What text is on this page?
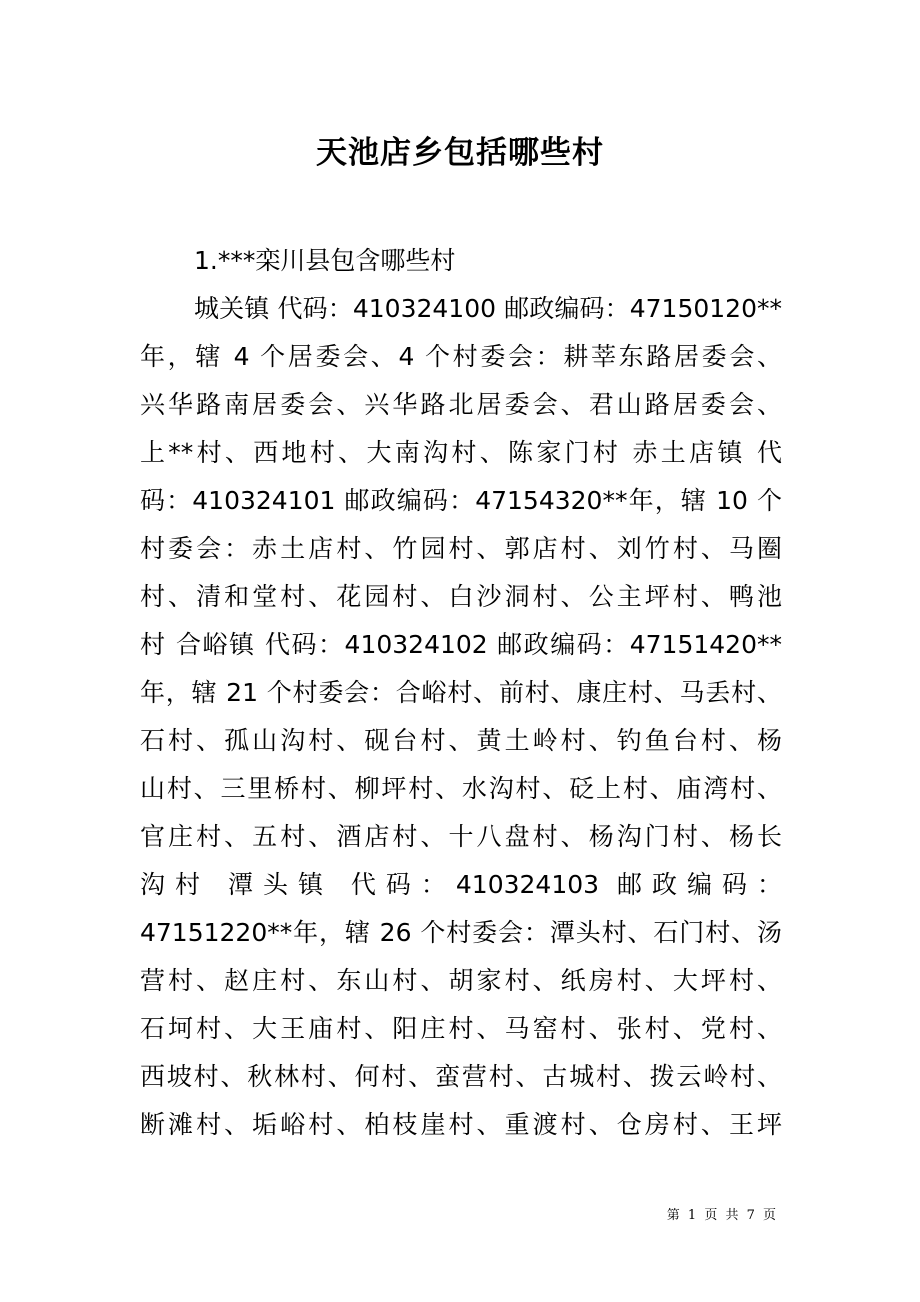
天池店乡包括哪些村
1.***栾川县包含哪些村
城关镇 代码：410324100 邮政编码：47150120**
年，辖 4 个居委会、4 个村委会：耕莘东路居委会、
兴华路南居委会、兴华路北居委会、君山路居委会、
上**村、西地村、大南沟村、陈家门村 赤土店镇 代
码：410324101 邮政编码：47154320**年，辖 10 个
村委会：赤土店村、竹园村、郭店村、刘竹村、马圈
村、清和堂村、花园村、白沙洞村、公主坪村、鸭池
村 合峪镇 代码：410324102 邮政编码：47151420**
年，辖 21 个村委会：合峪村、前村、康庄村、马丢村、
石村、孤山沟村、砚台村、黄土岭村、钓鱼台村、杨
山村、三里桥村、柳坪村、水沟村、砭上村、庙湾村、
官庄村、五村、酒店村、十八盘村、杨沟门村、杨长
沟村 潭头镇 代码：410324103 邮政编码：
47151220**年，辖 26 个村委会：潭头村、石门村、汤
营村、赵庄村、东山村、胡家村、纸房村、大坪村、
石坷村、大王庙村、阳庄村、马窑村、张村、党村、
西坡村、秋林村、何村、蛮营村、古城村、拨云岭村、
断滩村、垢峪村、柏枝崖村、重渡村、仓房村、王坪
第 1 页 共 7 页
